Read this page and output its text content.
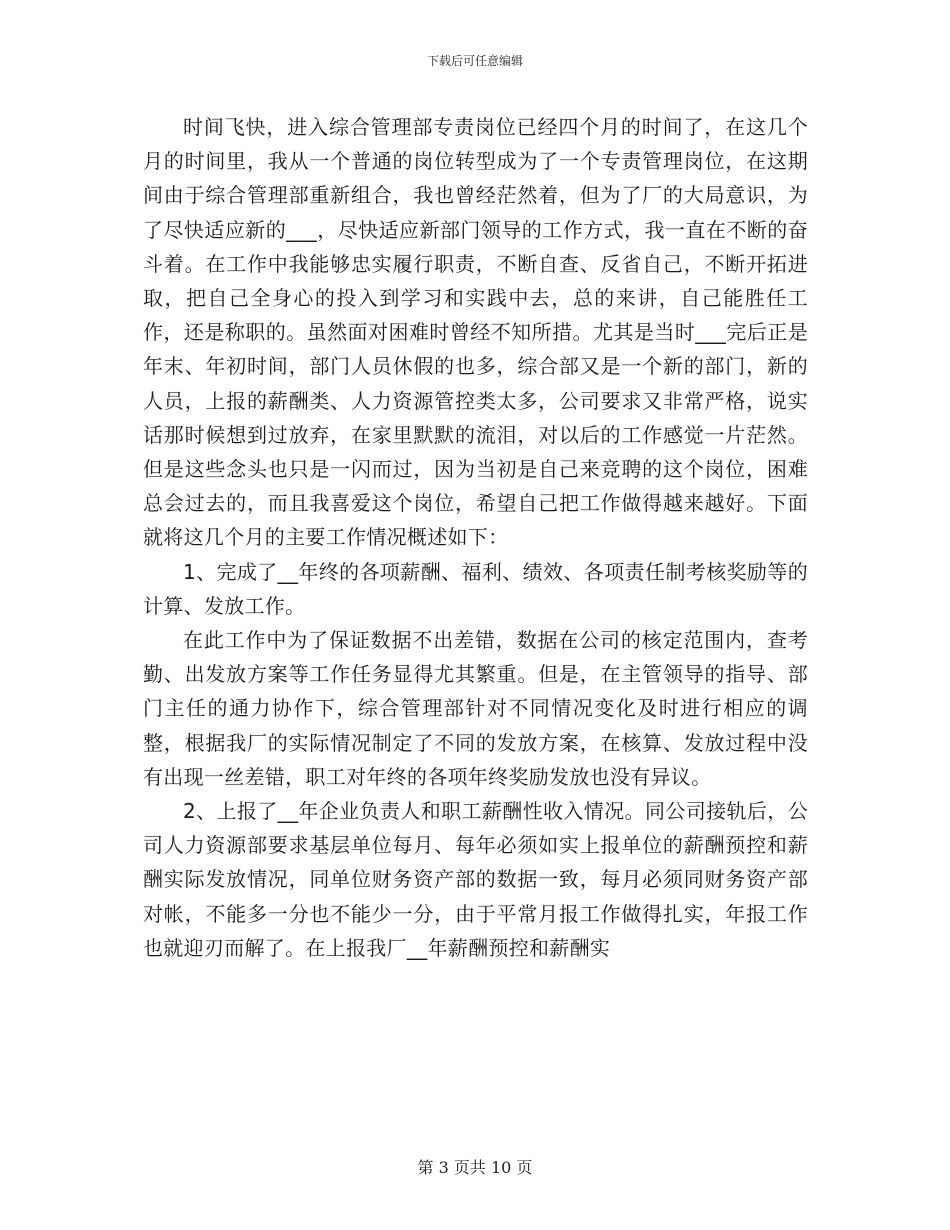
下载后可任意编辑

时间飞快，进入综合管理部专责岗位已经四个月的时间了，在这几个月的时间里，我从一个普通的岗位转型成为了一个专责管理岗位，在这期间由于综合管理部重新组合，我也曾经茫然着，但为了厂的大局意识，为了尽快适应新的___，尽快适应新部门领导的工作方式，我一直在不断的奋斗着。在工作中我能够忠实履行职责，不断自查、反省自己，不断开拓进取，把自己全身心的投入到学习和实践中去，总的来讲，自己能胜任工作，还是称职的。虽然面对困难时曾经不知所措。尤其是当时___完后正是年末、年初时间，部门人员休假的也多，综合部又是一个新的部门，新的人员，上报的薪酬类、人力资源管控类太多，公司要求又非常严格，说实话那时候想到过放弃，在家里默默的流泪，对以后的工作感觉一片茫然。但是这些念头也只是一闪而过，因为当初是自己来竞聘的这个岗位，困难总会过去的，而且我喜爱这个岗位，希望自己把工作做得越来越好。下面就将这几个月的主要工作情况概述如下：

1、完成了__年终的各项薪酬、福利、绩效、各项责任制考核奖励等的计算、发放工作。

在此工作中为了保证数据不出差错，数据在公司的核定范围内，查考勤、出发放方案等工作任务显得尤其繁重。但是，在主管领导的指导、部门主任的通力协作下，综合管理部针对不同情况变化及时进行相应的调整，根据我厂的实际情况制定了不同的发放方案，在核算、发放过程中没有出现一丝差错，职工对年终的各项年终奖励发放也没有异议。

2、上报了__年企业负责人和职工薪酬性收入情况。同公司接轨后，公司人力资源部要求基层单位每月、每年必须如实上报单位的薪酬预控和薪酬实际发放情况，同单位财务资产部的数据一致，每月必须同财务资产部对帐，不能多一分也不能少一分，由于平常月报工作做得扎实，年报工作也就迎刃而解了。在上报我厂__年薪酬预控和薪酬实

第 3 页共 10 页
